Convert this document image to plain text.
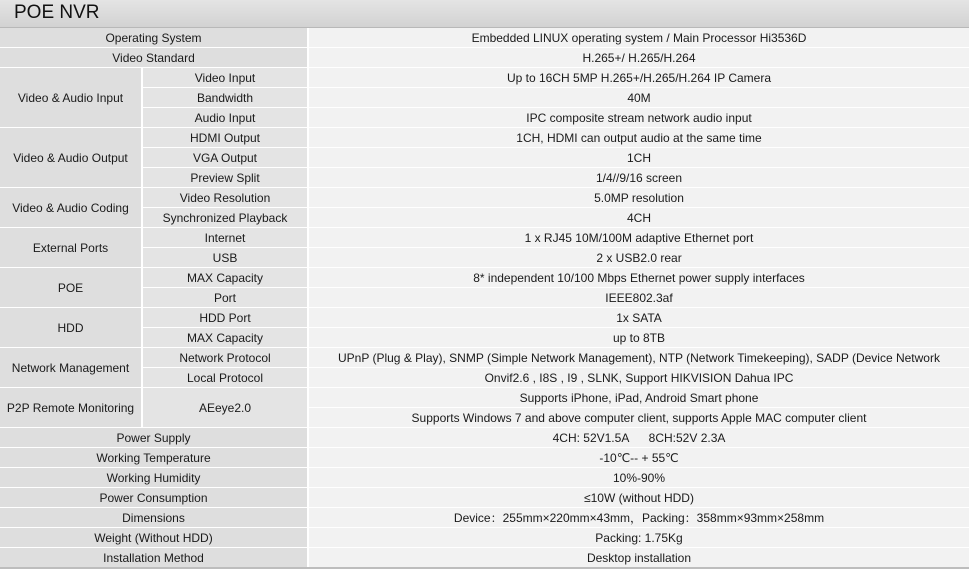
POE NVR
Operating System	Embedded LINUX operating system / Main Processor Hi3536D
Video Standard	H.265+/ H.265/H.264
Video & Audio Input
Video Input	Up to 16CH 5MP H.265+/H.265/H.264 IP Camera
Bandwidth	40M
Audio Input	IPC composite stream network audio input
Video & Audio Output
HDMI Output	1CH, HDMI can output audio at the same time
VGA Output	1CH
Preview Split	1/4//9/16 screen
Video & Audio Coding
Video Resolution	5.0MP resolution
Synchronized Playback	4CH
External Ports
Internet	1 x RJ45 10M/100M adaptive Ethernet port
USB	2 x USB2.0 rear
POE
MAX Capacity	8* independent 10/100 Mbps Ethernet power supply interfaces
Port	IEEE802.3af
HDD
HDD Port	1x SATA
MAX Capacity	up to 8TB
Network Management
Network Protocol	UPnP (Plug & Play), SNMP (Simple Network Management), NTP (Network Timekeeping), SADP (Device Network
Local Protocol	Onvif2.6 , I8S , I9 , SLNK, Support HIKVISION Dahua IPC
P2P Remote Monitoring	AEeye2.0
Supports iPhone, iPad, Android Smart phone
Supports Windows 7 and above computer client, supports Apple MAC computer client
Power Supply	4CH: 52V1.5A      8CH:52V 2.3A
Working Temperature	-10℃-- + 55℃
Working Humidity	10%-90%
Power Consumption	≤10W (without HDD)
Dimensions	Device：255mm×220mm×43mm，Packing：358mm×93mm×258mm
Weight (Without HDD)	Packing: 1.75Kg
Installation Method	Desktop installation
